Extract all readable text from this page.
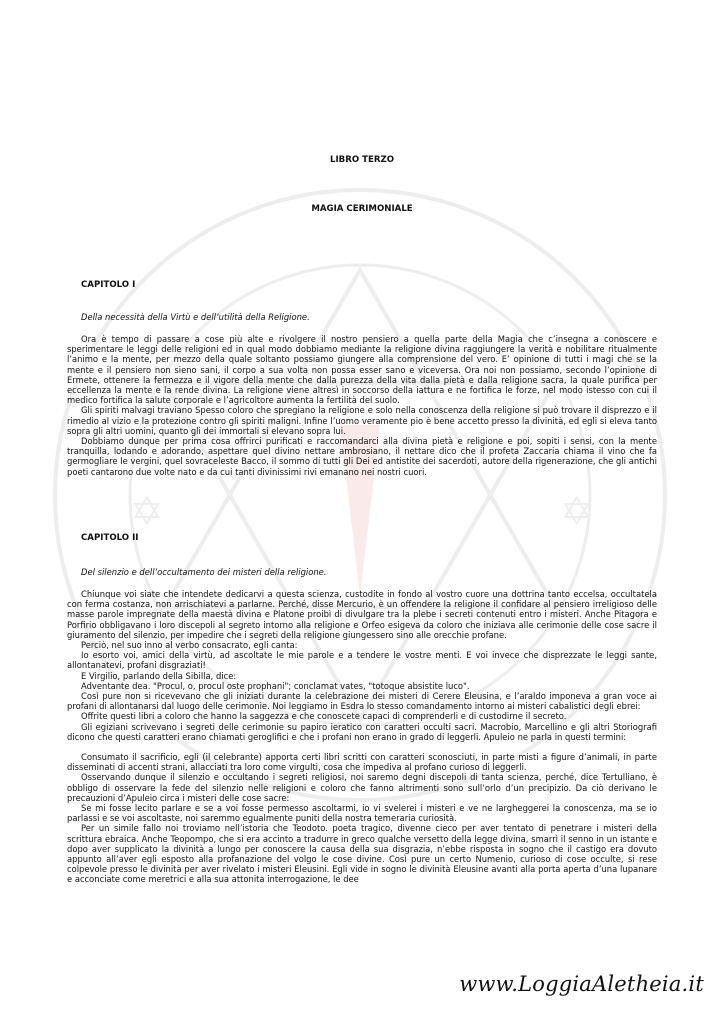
✡	✡
LIBRO TERZO
MAGIA CERIMONIALE
CAPITOLO I
Della necessità della Virtù e dell’utilità della Religione.

Ora è tempo di passare a cose più alte e rivolgere il nostro pensiero a quella parte della Magia che c’insegna a conoscere e sperimentare le leggi delle religioni ed in qual modo dobbiamo mediante la religione divina raggiungere la verità e nobilitare ritualmente l’animo e la mente, per mezzo della quale soltanto possiamo giungere alla comprensione del vero. E’ opinione di tutti i magi che se la mente e il pensiero non sieno sani, il corpo a sua volta non possa esser sano e viceversa. Ora noi non possiamo, secondo l’opinione di Ermete, ottenere la fermezza e il vigore della mente che dalla purezza della vita dalla pietà e dalla religione sacra, la quale purifica per eccellenza la mente e la rende divina. La religione viene altresì in soccorso della iattura e ne fortifica le forze, nel modo istesso con cui il medico fortifica la salute corporale e l’agricoltore aumenta la fertilità del suolo.

Gli spiriti malvagi traviano Spesso coloro che spregiano la religione e solo nella conoscenza della religione si può trovare il disprezzo e il rimedio al vizio e la protezione contro gli spiriti maligni. Infine l’uomo veramente pio è bene accetto presso la divinità, ed egli si eleva tanto sopra gli altri uomini, quanto gli dei immortali si elevano sopra lui.

Dobbiamo dunque per prima cosa offrirci purificati e raccomandarci alla divina pietà e religione e poi, sopiti i sensi, con la mente tranquilla, lodando e adorando, aspettare quel divino nettare ambrosiano, il nettare dico che il profeta Zaccaria chiama il vino che fa germogliare le vergini, quel sovraceleste Bacco, il sommo di tutti gli Dei ed antistite dei sacerdoti, autore della rigenerazione, che gli antichi poeti cantarono due volte nato e da cui tanti divinissimi rivi emanano nei nostri cuori.

CAPITOLO II
Del silenzio e dell’occultamento dei misteri della religione.

Chiunque voi siate che intendete dedicarvi a questa scienza, custodite in fondo al vostro cuore una dottrina tanto eccelsa, occultatela con ferma costanza, non arrischiatevi a parlarne. Perché, disse Mercurio, è un offendere la religione il confidare al pensiero irreligioso delle masse parole impregnate della maestà divina e Platone proibì di divulgare tra la plebe i secreti contenuti entro i misteri. Anche Pitagora e Porfirio obbligavano i loro discepoli al segreto intorno alla religione e Orfeo esigeva da coloro che iniziava alle cerimonie delle cose sacre il giuramento del silenzio, per impedire che i segreti della religione giungessero sino alle orecchie profane.

Perciò, nel suo inno al verbo consacrato, egli canta:

Io esorto voi, amici della virtù, ad ascoltate le mie parole e a tendere le vostre menti. E voi invece che disprezzate le leggi sante, allontanatevi, profani disgraziati!

E Virgilio, parlando della Sibilla, dice:

Adventante dea. "Procul, o, procul oste prophani"; conclamat vates, "totoque absistite luco".

Così pure non si ricevevano che gli iniziati durante la celebrazione dei misteri di Cerere Eleusina, e l’araldo imponeva a gran voce ai profani di allontanarsi dal luogo delle cerimonie. Noi leggiamo in Esdra lo stesso comandamento intorno ai misteri cabalistici degli ebrei:

Offrite questi libri a coloro che hanno la saggezza e che conoscete capaci di comprenderli e di custodirne il secreto.

Gli egiziani scrivevano i segreti delle cerimonie su papiro ieratico con caratteri occulti sacri. Macrobio, Marcellino e gli altri Storiografi dicono che questi caratteri erano chiamati geroglifici e che i profani non erano in grado di leggerli. Apuleio ne parla in questi termini:

Consumato il sacrificio, egli (il celebrante) apporta certi libri scritti con caratteri sconosciuti, in parte misti a figure d’animali, in parte disseminati di accenti strani, allacciati tra loro come virgulti, cosa che impediva al profano curioso di leggerli.

Osservando dunque il silenzio e occultando i segreti religiosi, noi saremo degni discepoli di tanta scienza, perché, dice Tertulliano, è obbligo di osservare la fede del silenzio nelle religioni e coloro che fanno altrimenti sono sull’orlo d’un precipizio. Da ciò derivano le precauzioni d’Apuleio circa i misteri delle cose sacre:

Se mi fosse lecito parlare e se a voi fosse permesso ascoltarmi, io vi svelerei i misteri e ve ne largheggerei la conoscenza, ma se io parlassi e se voi ascoltaste, noi saremmo egualmente puniti della nostra temeraria curiosità.

Per un simile fallo noi troviamo nell’istoria che Teodoto. poeta tragico, divenne cieco per aver tentato di penetrare i misteri della scrittura ebraica. Anche Teopompo, che si era accinto a tradurre in greco qualche versetto della legge divina, smarrì il senno in un istante e dopo aver supplicato la divinità a lungo per conoscere la causa della sua disgrazia, n’ebbe risposta in sogno che il castigo era dovuto appunto all’aver egli esposto alla profanazione del volgo le cose divine. Così pure un certo Numenio, curioso di cose occulte, si rese colpevole presso le divinità per aver rivelato i misteri Eleusini. Egli vide in sogno le divinità Eleusine avanti alla porta aperta d’una lupanare e acconciate come meretrici e alla sua attonita interrogazione, le dee

www.LoggiaAletheia.it
